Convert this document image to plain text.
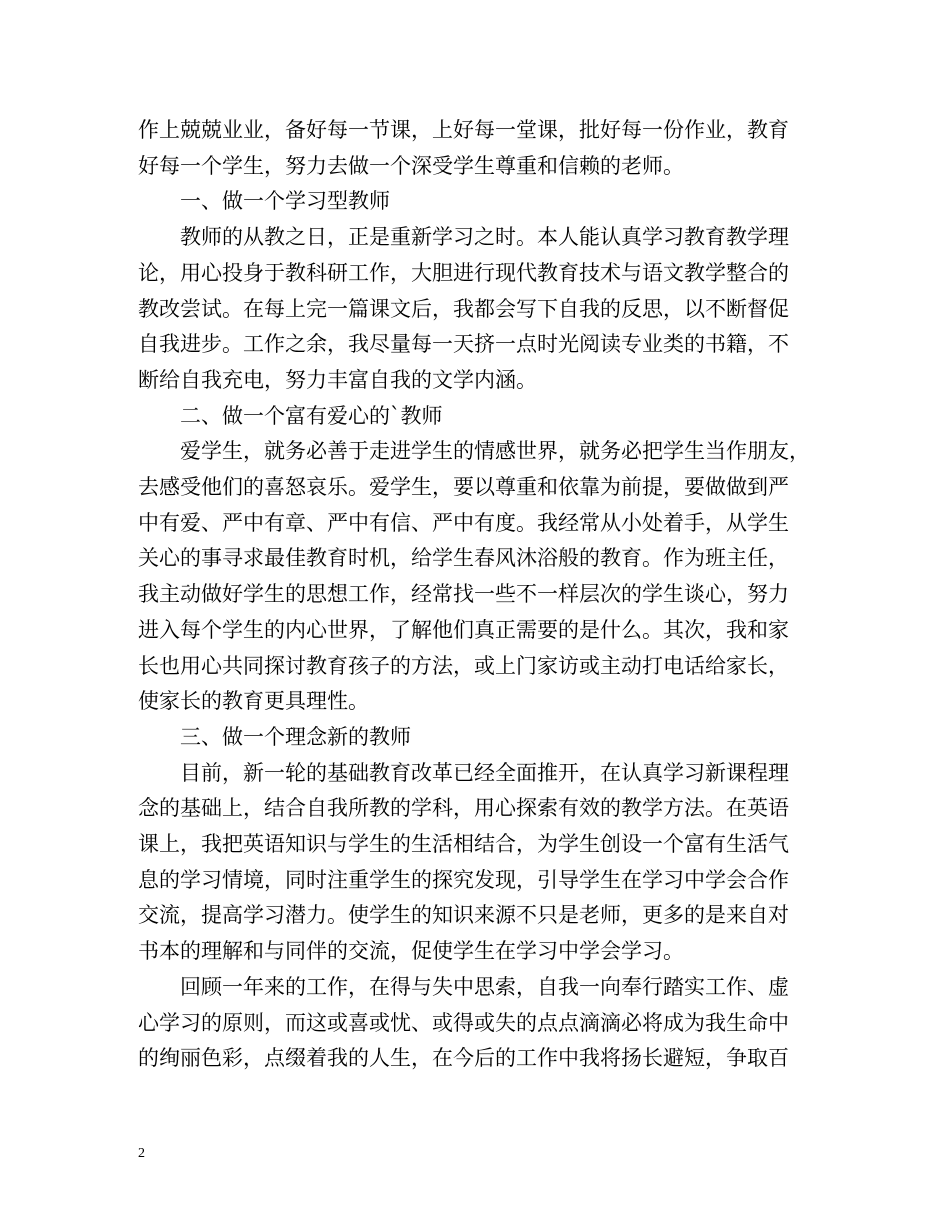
作上兢兢业业，备好每一节课，上好每一堂课，批好每一份作业，教育
好每一个学生，努力去做一个深受学生尊重和信赖的老师。
　　一、做一个学习型教师
　　教师的从教之日，正是重新学习之时。本人能认真学习教育教学理
论，用心投身于教科研工作，大胆进行现代教育技术与语文教学整合的
教改尝试。在每上完一篇课文后，我都会写下自我的反思，以不断督促
自我进步。工作之余，我尽量每一天挤一点时光阅读专业类的书籍，不
断给自我充电，努力丰富自我的文学内涵。
　　二、做一个富有爱心的`教师
　　爱学生，就务必善于走进学生的情感世界，就务必把学生当作朋友，
去感受他们的喜怒哀乐。爱学生，要以尊重和依靠为前提，要做做到严
中有爱、严中有章、严中有信、严中有度。我经常从小处着手，从学生
关心的事寻求最佳教育时机，给学生春风沐浴般的教育。作为班主任，
我主动做好学生的思想工作，经常找一些不一样层次的学生谈心，努力
进入每个学生的内心世界，了解他们真正需要的是什么。其次，我和家
长也用心共同探讨教育孩子的方法，或上门家访或主动打电话给家长，
使家长的教育更具理性。
　　三、做一个理念新的教师
　　目前，新一轮的基础教育改革已经全面推开，在认真学习新课程理
念的基础上，结合自我所教的学科，用心探索有效的教学方法。在英语
课上，我把英语知识与学生的生活相结合，为学生创设一个富有生活气
息的学习情境，同时注重学生的探究发现，引导学生在学习中学会合作
交流，提高学习潜力。使学生的知识来源不只是老师，更多的是来自对
书本的理解和与同伴的交流，促使学生在学习中学会学习。
　　回顾一年来的工作，在得与失中思索，自我一向奉行踏实工作、虚
心学习的原则，而这或喜或忧、或得或失的点点滴滴必将成为我生命中
的绚丽色彩，点缀着我的人生，在今后的工作中我将扬长避短，争取百
2
